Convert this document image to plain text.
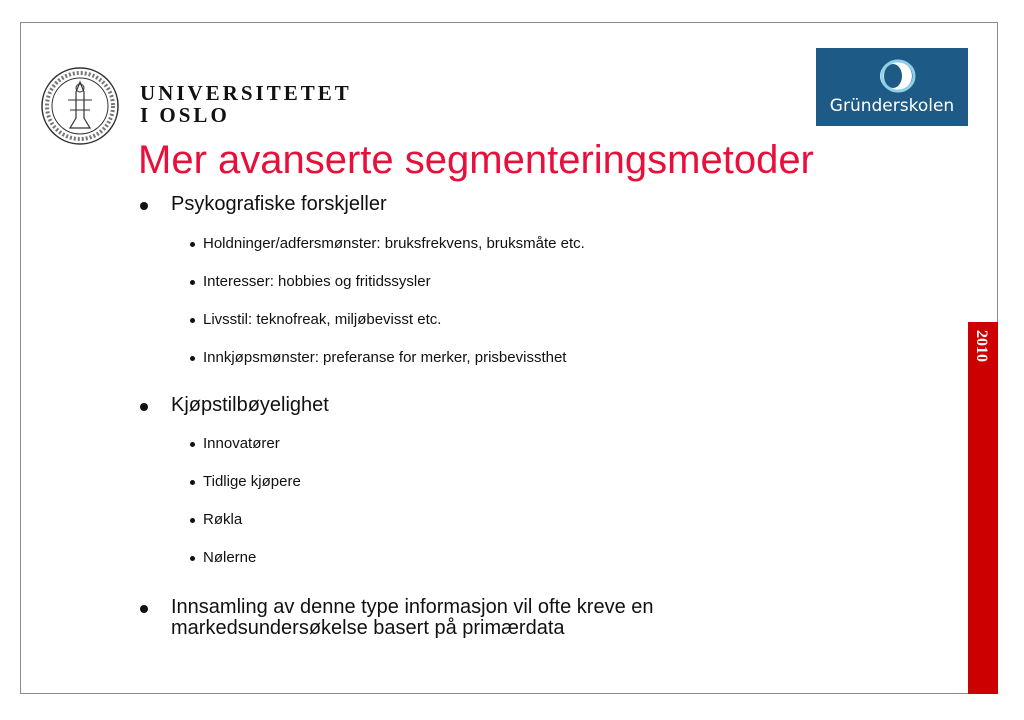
UNIVERSITETET
I OSLO	Gründerskolen
Mer avanserte segmenteringsmetoder
Psykografiske forskjeller
Holdninger/adfersmønster: bruksfrekvens, bruksmåte etc.
Interesser: hobbies og fritidssysler
Livsstil: teknofreak, miljøbevisst etc.
Innkjøpsmønster: preferanse for merker, prisbevissthet
Kjøpstilbøyelighet
Innovatører
Tidlige kjøpere
Røkla
Nølerne
Innsamling av denne type informasjon vil ofte kreve en
markedsundersøkelse basert på primærdata
2010
